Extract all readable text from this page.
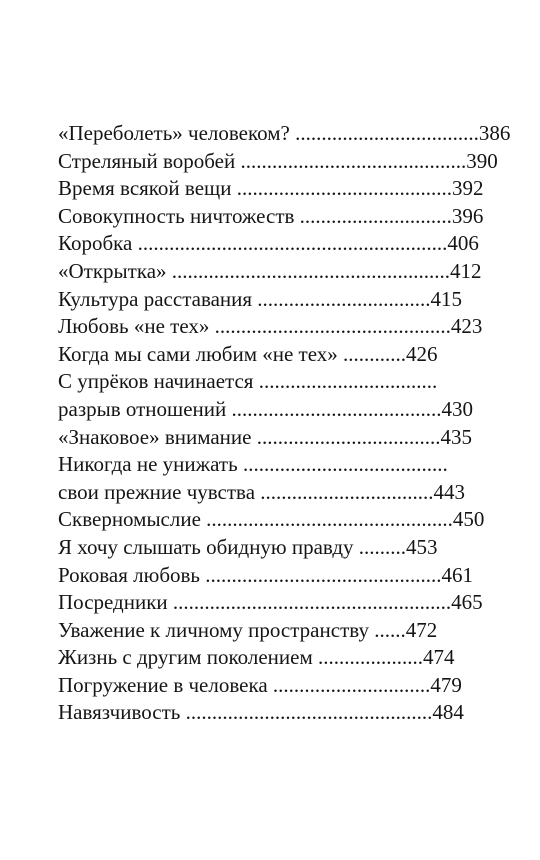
«Переболеть» человеком? ...................................386
Стреляный воробей ...........................................390
Время всякой вещи .........................................392
Совокупность ничтожеств .............................396
Коробка ...........................................................406
«Открытка» .....................................................412
Культура расставания .................................415
Любовь «не тех» .............................................423
Когда мы сами любим «не тех» ............426
С упрёков начинается ..................................
разрыв отношений ........................................430
«Знаковое» внимание ...................................435
Никогда не унижать .......................................
свои прежние чувства .................................443
Скверномыслие ...............................................450
Я хочу слышать обидную правду .........453
Роковая любовь .............................................461
Посредники .....................................................465
Уважение к личному пространству ......472
Жизнь с другим поколением ....................474
Погружение в человека ..............................479
Навязчивость ...............................................484
